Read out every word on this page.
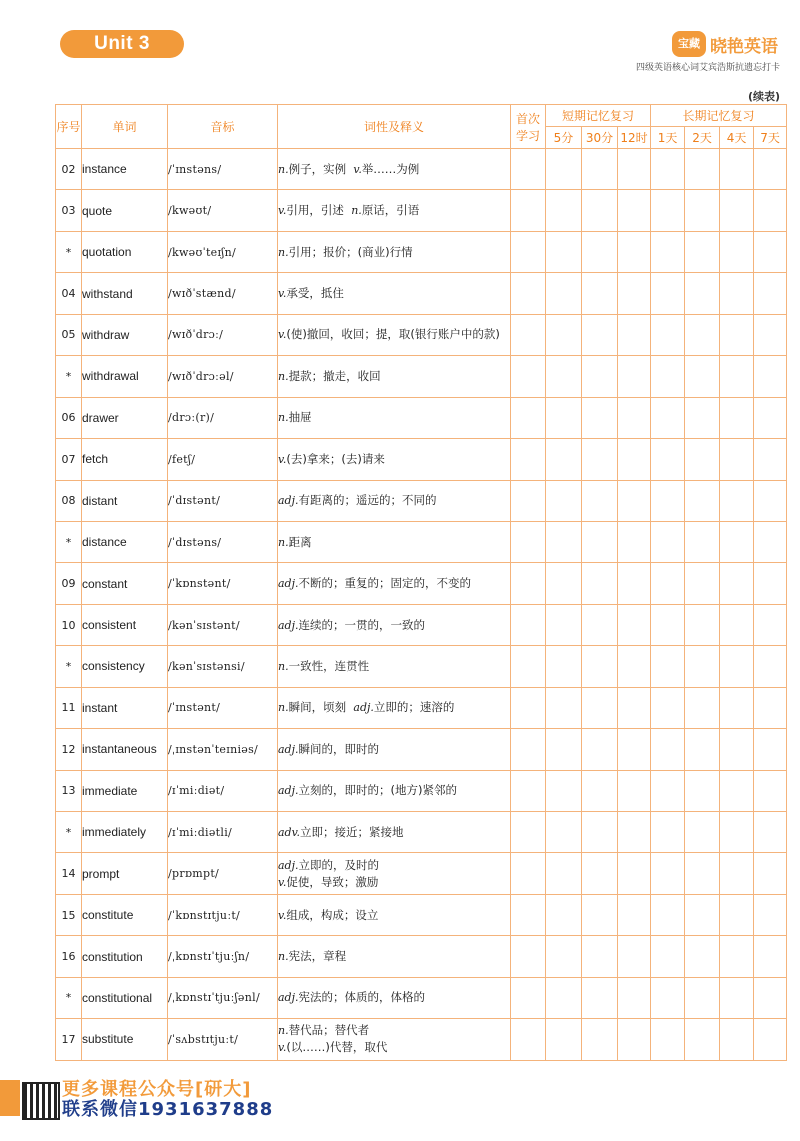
Unit 3	宝藏 晓艳英语
四级英语核心词艾宾浩斯抗遗忘打卡
(续表)
序号	单词	音标	词性及释义	首次学习	短期记忆复习			长期记忆复习			
					5分	30分	12时	1天	2天	4天	7天
02	instance	/ˈɪnstəns/	n.例子，实例 v.举……为例								
03	quote	/kwəʊt/	v.引用，引述 n.原话，引语								
*	quotation	/kwəʊˈteɪʃn/	n.引用；报价；(商业)行情								
04	withstand	/wɪðˈstænd/	v.承受，抵住								
05	withdraw	/wɪðˈdrɔː/	v.(使)撤回，收回；提，取(银行账户中的款)								
*	withdrawal	/wɪðˈdrɔːəl/	n.提款；撤走，收回								
06	drawer	/drɔː(r)/	n.抽屉								
07	fetch	/fetʃ/	v.(去)拿来；(去)请来								
08	distant	/ˈdɪstənt/	adj.有距离的；遥远的；不同的								
*	distance	/ˈdɪstəns/	n.距离								
09	constant	/ˈkɒnstənt/	adj.不断的；重复的；固定的，不变的								
10	consistent	/kənˈsɪstənt/	adj.连续的；一贯的，一致的								
*	consistency	/kənˈsɪstənsi/	n.一致性，连贯性								
11	instant	/ˈɪnstənt/	n.瞬间，顷刻 adj.立即的；速溶的								
12	instantaneous	/ˌɪnstənˈteɪniəs/	adj.瞬间的，即时的								
13	immediate	/ɪˈmiːdiət/	adj.立刻的，即时的；(地方)紧邻的								
*	immediately	/ɪˈmiːdiətli/	adv.立即；接近；紧接地								
14	prompt	/prɒmpt/	adj.立即的，及时的
v.促使，导致；激励								
15	constitute	/ˈkɒnstɪtjuːt/	v.组成，构成；设立								
16	constitution	/ˌkɒnstɪˈtjuːʃn/	n.宪法，章程								
*	constitutional	/ˌkɒnstɪˈtjuːʃənl/	adj.宪法的；体质的，体格的								
17	substitute	/ˈsʌbstɪtjuːt/	n.替代品；替代者
v.(以……)代替，取代								
更多课程公众号[研大]
联系微信1931637888
